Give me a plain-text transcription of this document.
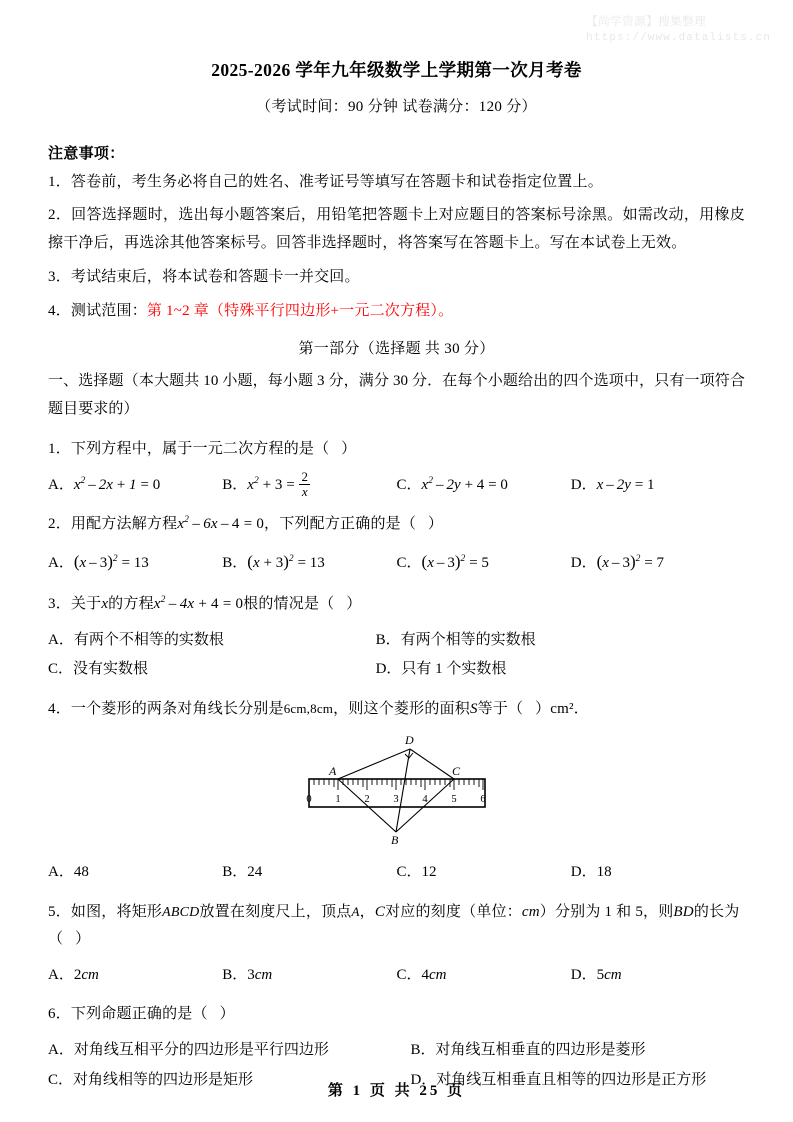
【尚学资源】搜集整理
https://www.datalists.cn
2025-2026 学年九年级数学上学期第一次月考卷

（考试时间：90 分钟 试卷满分：120 分）

注意事项：

1．答卷前，考生务必将自己的姓名、准考证号等填写在答题卡和试卷指定位置上。

2．回答选择题时，选出每小题答案后，用铅笔把答题卡上对应题目的答案标号涂黑。如需改动，用橡皮擦干净后，再选涂其他答案标号。回答非选择题时，将答案写在答题卡上。写在本试卷上无效。

3．考试结束后，将本试卷和答题卡一并交回。

4．测试范围：第 1~2 章（特殊平行四边形+一元二次方程）。

第一部分（选择题 共 30 分）

一、选择题（本大题共 10 小题，每小题 3 分，满分 30 分．在每个小题给出的四个选项中，只有一项符合题目要求的）

1．下列方程中，属于一元二次方程的是（ ）

A．$x^2 - 2x + 1 = 0$	B．$x^2 + 3 = \frac{2}{x}$	C．$x^2 - 2y + 4 = 0$	D．x – 2y = 1

2．用配方法解方程$x^2 - 6x - 4 = 0$，下列配方正确的是（ ）

A．(x – 3)$^2$ = 13	B．$(x + 3)^2 = 13$	C．(x – 3)$^2$ = 5	D．(x – 3)$^2$ = 7

3．关于x的方程$x^2 - 4x + 4 = 0$根的情况是（ ）

A．有两个不相等的实数根	B．有两个相等的实数根
C．没有实数根	D．只有 1 个实数根

4．一个菱形的两条对角线长分别是6cm,8cm，则这个菱形的面积S等于（ ）cm²．

0 1 2 3 4 5 6
D
A	C
B
A．48	B．24	C．12	D．18

5．如图，将矩形ABCD放置在刻度尺上，顶点A，C对应的刻度（单位：cm）分别为 1 和 5，则BD的长为（ ）

A．2cm	B．3cm	C．4cm	D．5cm

6．下列命题正确的是（ ）

A．对角线互相平分的四边形是平行四边形	B．对角线互相垂直的四边形是菱形
C．对角线相等的四边形是矩形	D．对角线互相垂直且相等的四边形是正方形
第 1 页 共 25 页
